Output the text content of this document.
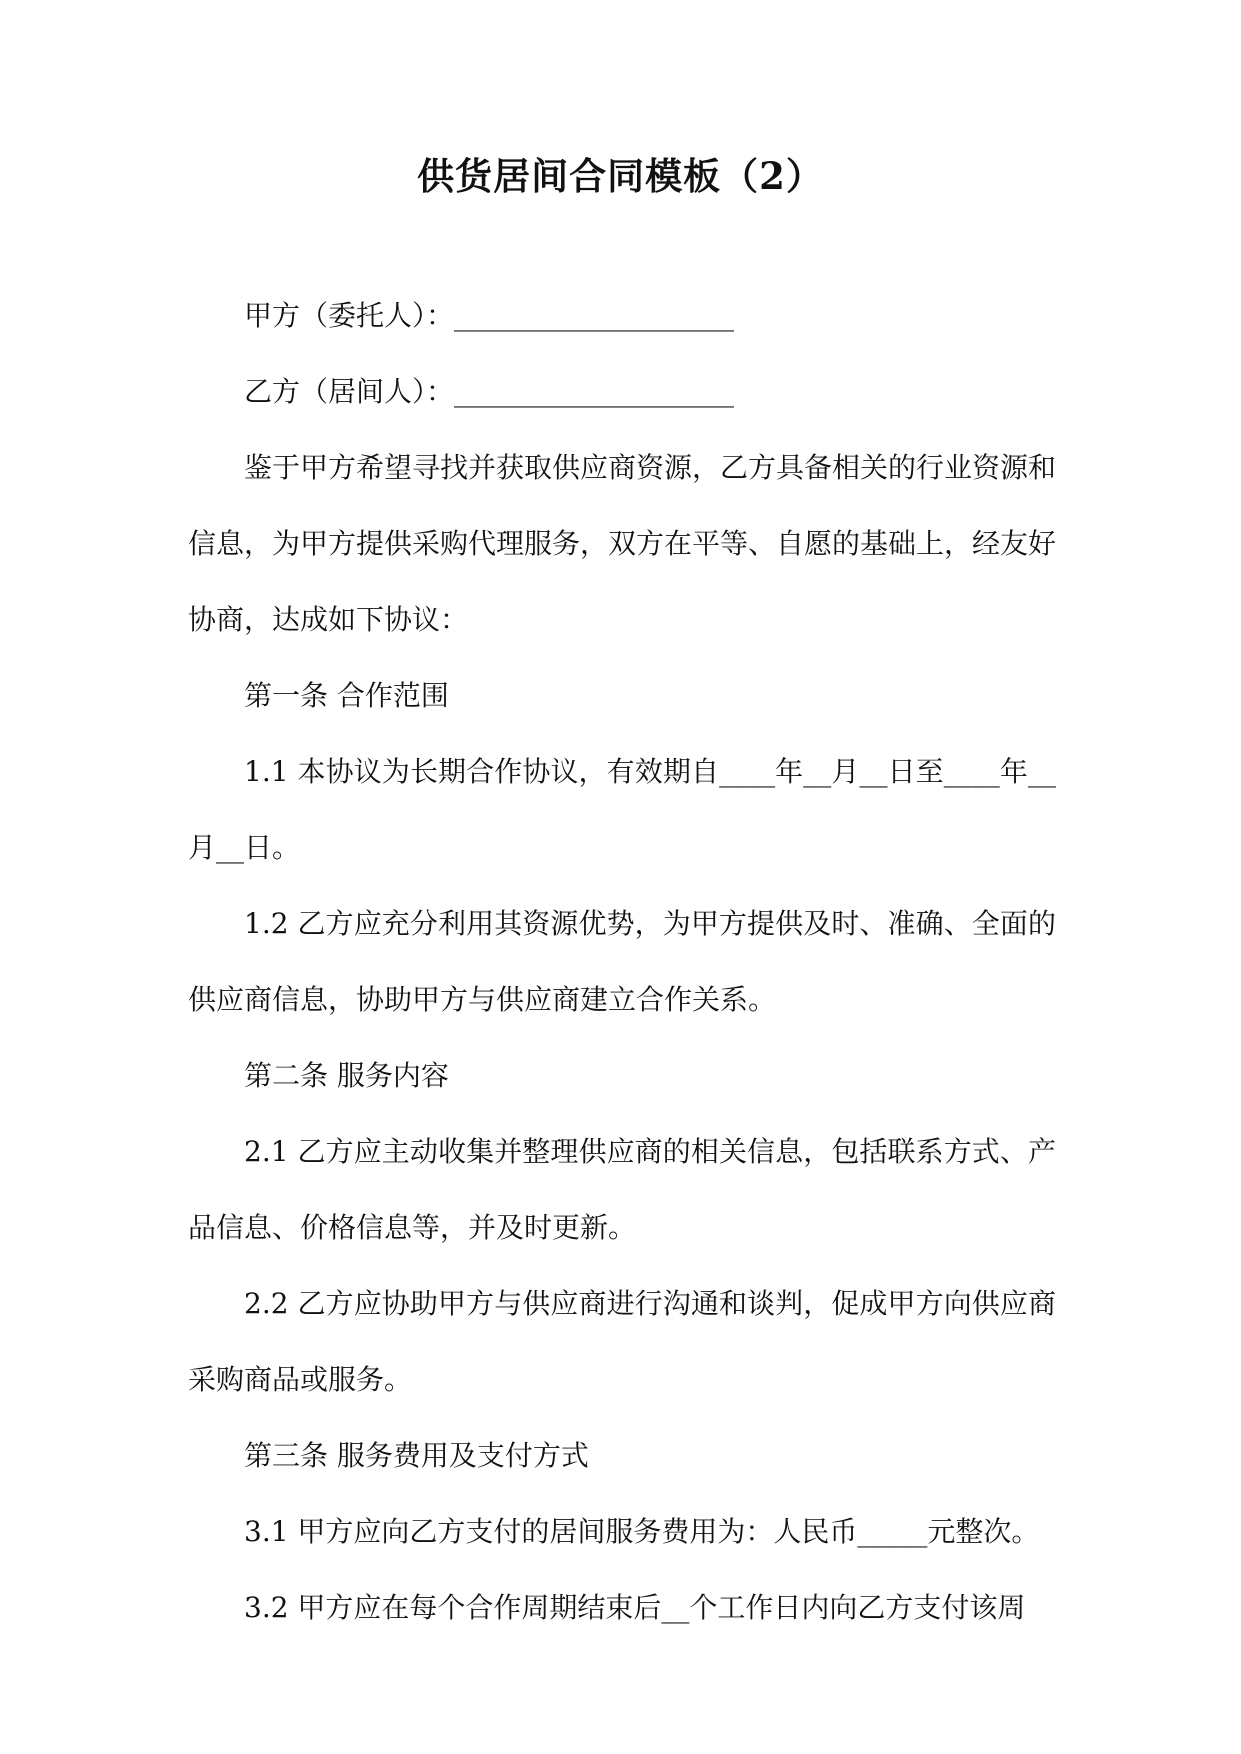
供货居间合同模板（2）

甲方（委托人）：____________________

乙方（居间人）：____________________

鉴于甲方希望寻找并获取供应商资源，乙方具备相关的行业资源和信息，为甲方提供采购代理服务，双方在平等、自愿的基础上，经友好协商，达成如下协议：

第一条 合作范围

1.1 本协议为长期合作协议，有效期自____年__月__日至____年__月__日。

1.2 乙方应充分利用其资源优势，为甲方提供及时、准确、全面的供应商信息，协助甲方与供应商建立合作关系。

第二条 服务内容

2.1 乙方应主动收集并整理供应商的相关信息，包括联系方式、产品信息、价格信息等，并及时更新。

2.2 乙方应协助甲方与供应商进行沟通和谈判，促成甲方向供应商采购商品或服务。

第三条 服务费用及支付方式

3.1 甲方应向乙方支付的居间服务费用为：人民币_____元整次。

3.2 甲方应在每个合作周期结束后__个工作日内向乙方支付该周
